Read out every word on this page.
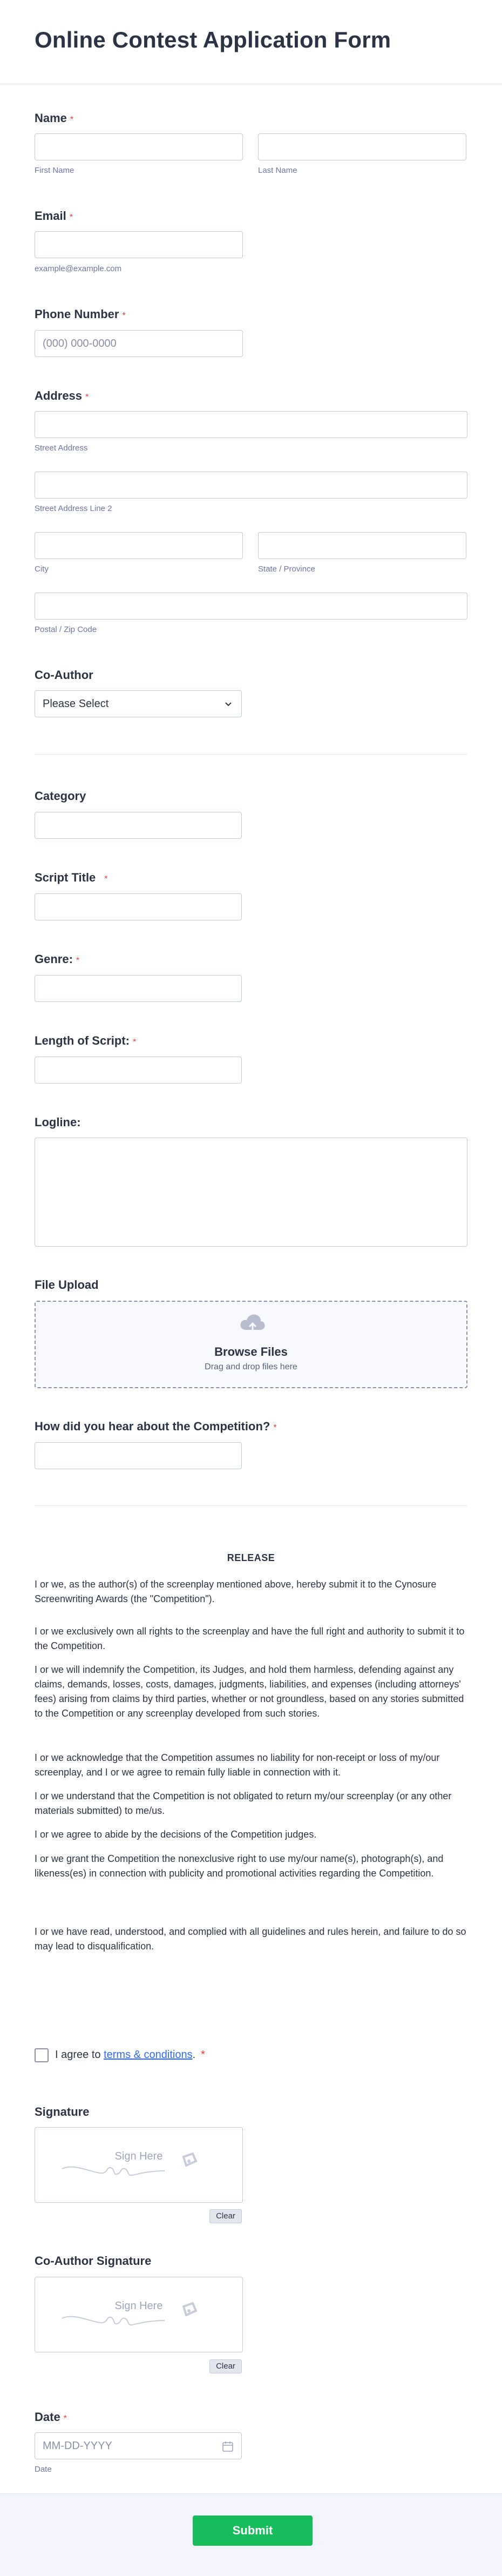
Online Contest Application Form
Name *
First Name	Last Name
Email *
example@example.com
Phone Number *
(000) 000-0000
Address *
Street Address
Street Address Line 2
City	State / Province
Postal / Zip Code
Co-Author
Please Select
Category
Script Title *
Genre: *
Length of Script: *
Logline:
File Upload
Browse Files
Drag and drop files here
How did you hear about the Competition? *
RELEASE

I or we, as the author(s) of the screenplay mentioned above, hereby submit it to the Cynosure Screenwriting Awards (the "Competition").

I or we exclusively own all rights to the screenplay and have the full right and authority to submit it to the Competition.

I or we will indemnify the Competition, its Judges, and hold them harmless, defending against any claims, demands, losses, costs, damages, judgments, liabilities, and expenses (including attorneys' fees) arising from claims by third parties, whether or not groundless, based on any stories submitted to the Competition or any screenplay developed from such stories.

I or we acknowledge that the Competition assumes no liability for non-receipt or loss of my/our screenplay, and I or we agree to remain fully liable in connection with it.

I or we understand that the Competition is not obligated to return my/our screenplay (or any other materials submitted) to me/us.

I or we agree to abide by the decisions of the Competition judges.

I or we grant the Competition the nonexclusive right to use my/our name(s), photograph(s), and likeness(es) in connection with publicity and promotional activities regarding the Competition.

I or we have read, understood, and complied with all guidelines and rules herein, and failure to do so may lead to disqualification.

I agree to terms & conditions. *
Signature
Sign Here
Clear
Co-Author Signature
Sign Here
Clear
Date *
MM-DD-YYYY
Date
Submit
